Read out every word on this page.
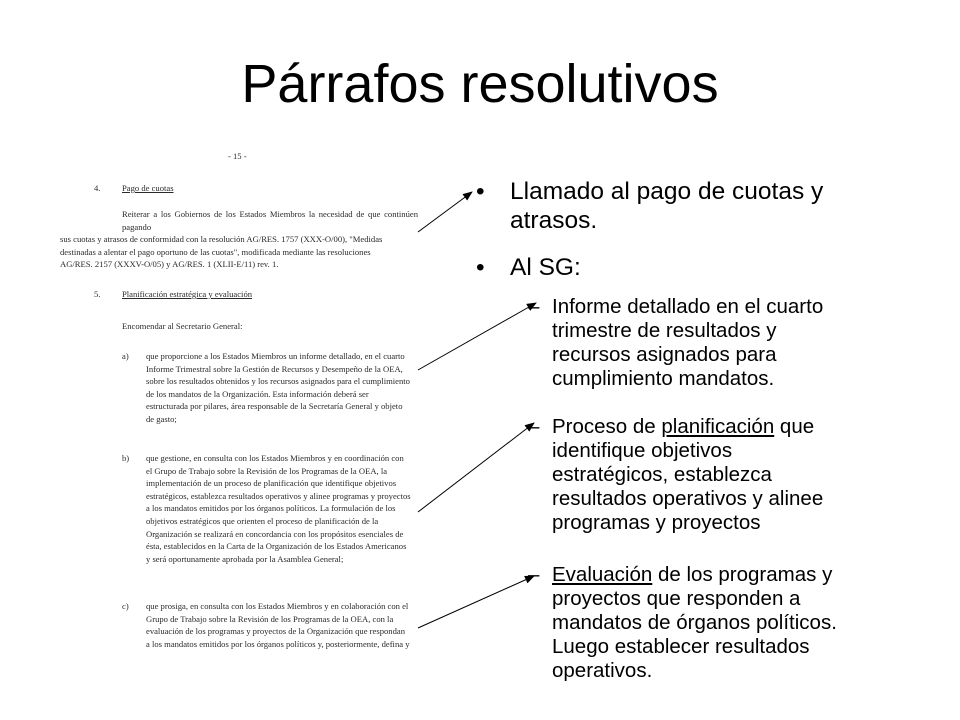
Párrafos resolutivos
- 15 -
4.	Pago de cuotas
Reiterar a los Gobiernos de los Estados Miembros la necesidad de que continúen pagando
sus cuotas y atrasos de conformidad con la resolución AG/RES. 1757 (XXX-O/00), "Medidas
destinadas a alentar el pago oportuno de las cuotas", modificada mediante las resoluciones
AG/RES. 2157 (XXXV-O/05) y AG/RES. 1 (XLII-E/11) rev. 1.
5.	Planificación estratégica y evaluación
Encomendar al Secretario General:
a) que proporcione a los Estados Miembros un informe detallado, en el cuarto
Informe Trimestral sobre la Gestión de Recursos y Desempeño de la OEA,
sobre los resultados obtenidos y los recursos asignados para el cumplimiento
de los mandatos de la Organización. Esta información deberá ser
estructurada por pilares, área responsable de la Secretaría General y objeto
de gasto;
b) que gestione, en consulta con los Estados Miembros y en coordinación con
el Grupo de Trabajo sobre la Revisión de los Programas de la OEA, la
implementación de un proceso de planificación que identifique objetivos
estratégicos, establezca resultados operativos y alinee programas y proyectos
a los mandatos emitidos por los órganos políticos. La formulación de los
objetivos estratégicos que orienten el proceso de planificación de la
Organización se realizará en concordancia con los propósitos esenciales de
ésta, establecidos en la Carta de la Organización de los Estados Americanos
y será oportunamente aprobada por la Asamblea General;
c) que prosiga, en consulta con los Estados Miembros y en colaboración con el
Grupo de Trabajo sobre la Revisión de los Programas de la OEA, con la
evaluación de los programas y proyectos de la Organización que respondan
a los mandatos emitidos por los órganos políticos y, posteriormente, defina y
• Llamado al pago de cuotas y
atrasos.
• Al SG:
– Informe detallado en el cuarto
trimestre de resultados y
recursos asignados para
cumplimiento mandatos.
– Proceso de planificación que
identifique objetivos
estratégicos, establezca
resultados operativos y alinee
programas y proyectos
– Evaluación de los programas y
proyectos que responden a
mandatos de órganos políticos.
Luego establecer resultados
operativos.
